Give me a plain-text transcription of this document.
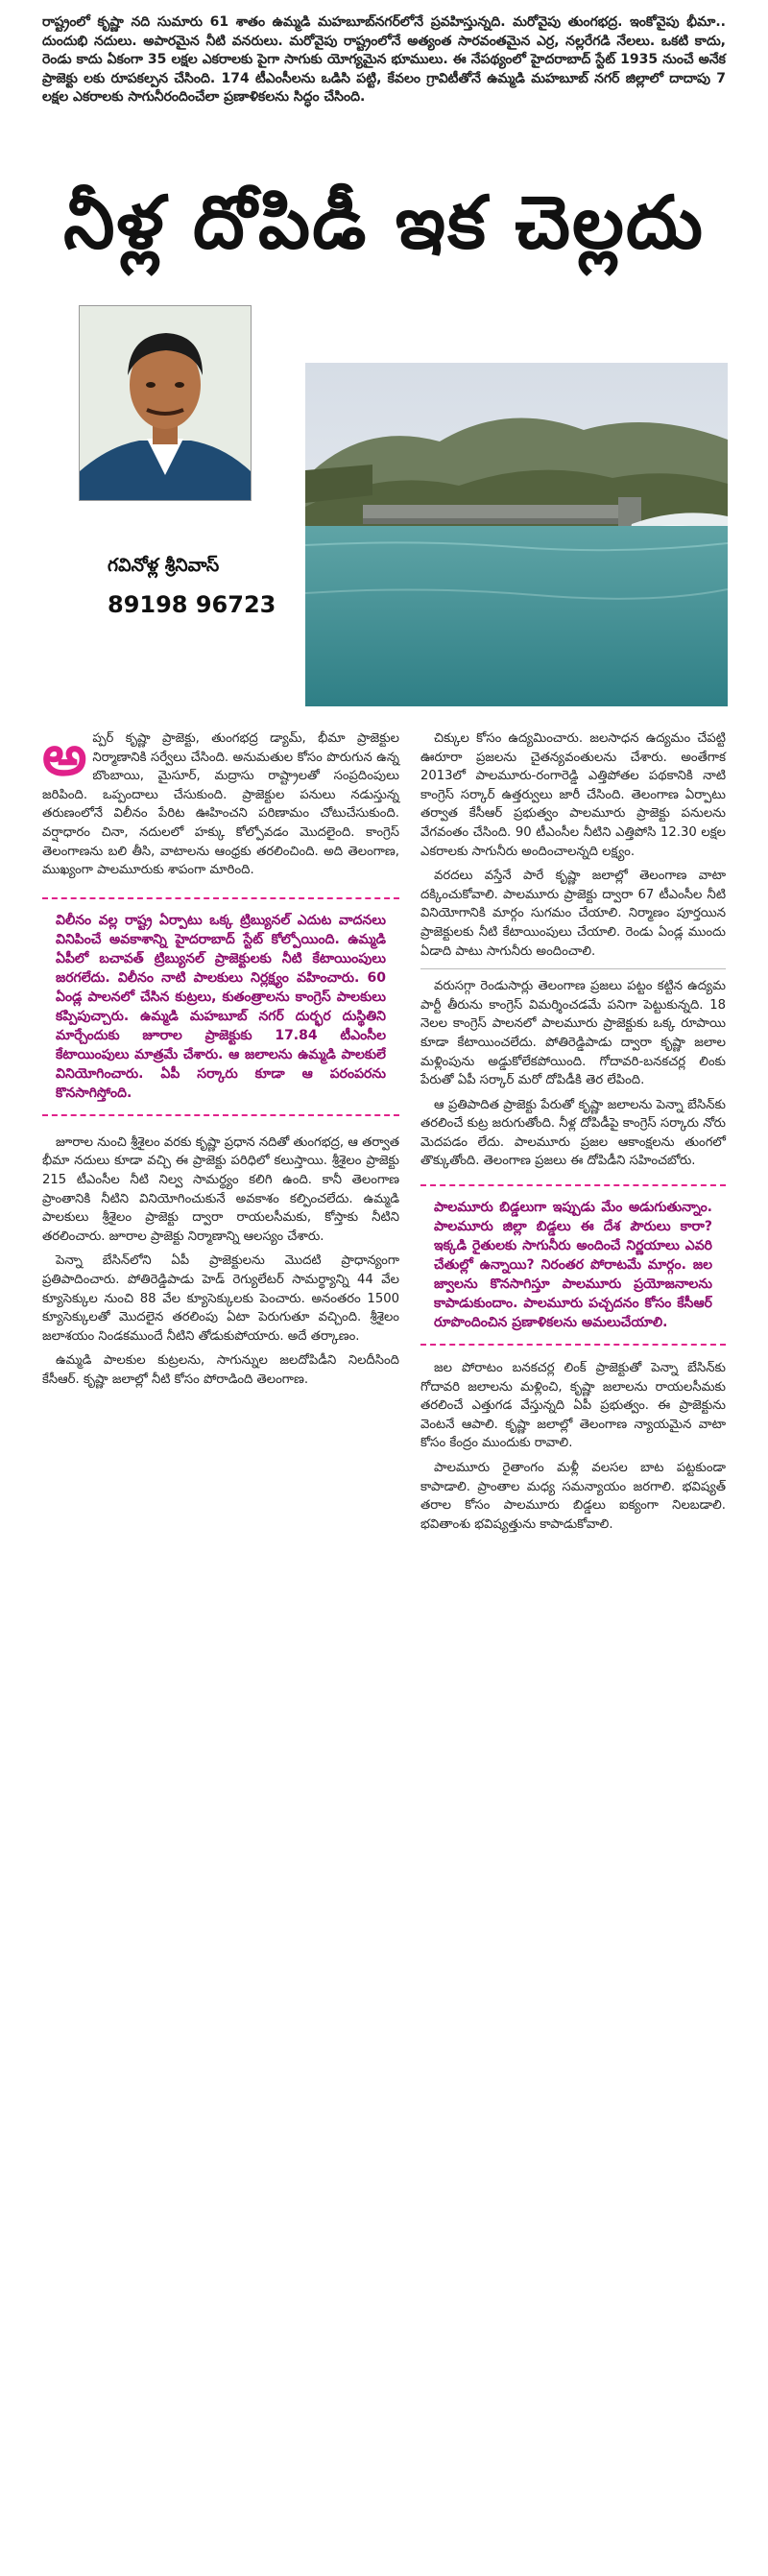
రాష్ట్రంలో కృష్ణా నది సుమారు 61 శాతం ఉమ్మడి మహబూబ్‌నగర్‌లోనే ప్రవహిస్తున్నది. మరోవైపు తుంగభద్ర. ఇంకోవైపు భీమా.. దుందుభి నదులు. అపారమైన నీటి వనరులు. మరోవైపు రాష్ట్రంలోనే అత్యంత సారవంతమైన ఎర్ర, నల్లరేగడి నేలలు. ఒకటి కాదు, రెండు కాదు ఏకంగా 35 లక్షల ఎకరాలకు పైగా సాగుకు యోగ్యమైన భూములు. ఈ నేపథ్యంలో హైదరాబాద్ స్టేట్ 1935 నుంచే అనేక ప్రాజెక్టు లకు రూపకల్పన చేసింది. 174 టీఎంసీలను ఒడిసి పట్టి, కేవలం గ్రావిటీతోనే ఉమ్మడి మహబూబ్ నగర్ జిల్లాలో దాదాపు 7 లక్షల ఎకరాలకు సాగునీరందించేలా ప్రణాళికలను సిద్ధం చేసింది.

నీళ్ల దోపిడీ ఇక చెల్లదు
గవినోళ్ల శ్రీనివాస్
89198 96723

అప్పర్ కృష్ణా ప్రాజెక్టు, తుంగభద్ర డ్యామ్, భీమా ప్రాజెక్టుల నిర్మాణానికి సర్వేలు చేసింది. అనుమతుల కోసం పొరుగున ఉన్న బొంబాయి, మైసూర్, మద్రాసు రాష్ట్రాలతో సంప్రదింపులు జరిపింది. ఒప్పందాలు చేసుకుంది. ప్రాజెక్టుల పనులు నడుస్తున్న తరుణంలోనే విలీనం పేరిట ఊహించని పరిణామం చోటుచేసుకుంది. వర్షాధారం చినా, నదులలో హక్కు కోల్పోవడం మొదలైంది. కాంగ్రెస్ తెలంగాణను బలి తీసి, వాటాలను ఆంధ్రకు తరలించింది. అది తెలంగాణ, ముఖ్యంగా పాలమూరుకు శాపంగా మారింది.

విలీనం వల్ల రాష్ట్ర ఏర్పాటు ఒక్క ట్రిబ్యునల్ ఎదుట వాదనలు వినిపించే అవకాశాన్ని హైదరాబాద్ స్టేట్ కోల్పోయింది. ఉమ్మడి ఏపీలో బచావత్ ట్రిబ్యునల్ ప్రాజెక్టులకు నీటి కేటాయింపులు జరగలేదు. విలీనం నాటి పాలకులు నిర్లక్ష్యం వహించారు. 60 ఏండ్ల పాలనలో చేసిన కుట్రలు, కుతంత్రాలను కాంగ్రెస్ పాలకులు కప్పిపుచ్చారు. ఉమ్మడి మహబూబ్ నగర్ దుర్భర దుస్థితిని మార్చేందుకు జూరాల ప్రాజెక్టుకు 17.84 టీఎంసీల కేటాయింపులు మాత్రమే చేశారు. ఆ జలాలను ఉమ్మడి పాలకులే వినియోగించారు. ఏపీ సర్కారు కూడా ఆ పరంపరను కొనసాగిస్తోంది.

జూరాల నుంచి శ్రీశైలం వరకు కృష్ణా ప్రధాన నదితో తుంగభద్ర, ఆ తర్వాత భీమా నదులు కూడా వచ్చి ఈ ప్రాజెక్టు పరిధిలో కలుస్తాయి. శ్రీశైలం ప్రాజెక్టు 215 టీఎంసీల నీటి నిల్వ సామర్థ్యం కలిగి ఉంది. కానీ తెలంగాణ ప్రాంతానికి నీటిని వినియోగించుకునే అవకాశం కల్పించలేదు. ఉమ్మడి పాలకులు శ్రీశైలం ప్రాజెక్టు ద్వారా రాయలసీమకు, కోస్తాకు నీటిని తరలించారు. జూరాల ప్రాజెక్టు నిర్మాణాన్ని ఆలస్యం చేశారు.

పెన్నా బేసిన్‌లోని ఏపీ ప్రాజెక్టులను మొదటి ప్రాధాన్యంగా ప్రతిపాదించారు. పోతిరెడ్డిపాడు హెడ్ రెగ్యులేటర్ సామర్థ్యాన్ని 44 వేల క్యూసెక్కుల నుంచి 88 వేల క్యూసెక్కులకు పెంచారు. అనంతరం 1500 క్యూసెక్కులతో మొదలైన తరలింపు ఏటా పెరుగుతూ వచ్చింది. శ్రీశైలం జలాశయం నిండకముందే నీటిని తోడుకుపోయారు. అదే తర్కాణం.

ఉమ్మడి పాలకుల కుట్రలను, సాగున్నుల జలదోపిడీని నిలదీసింది కేసీఆర్. కృష్ణా జలాల్లో నీటి కోసం పోరాడింది తెలంగాణ.

చిక్కుల కోసం ఉద్యమించారు. జలసాధన ఉద్యమం చేపట్టి ఊరూరా ప్రజలను చైతన్యవంతులను చేశారు. అంతేగాక 2013లో పాలమూరు-రంగారెడ్డి ఎత్తిపోతల పథకానికి నాటి కాంగ్రెస్ సర్కార్ ఉత్తర్వులు జారీ చేసింది. తెలంగాణ ఏర్పాటు తర్వాత కేసీఆర్ ప్రభుత్వం పాలమూరు ప్రాజెక్టు పనులను వేగవంతం చేసింది. 90 టీఎంసీల నీటిని ఎత్తిపోసి 12.30 లక్షల ఎకరాలకు సాగునీరు అందించాలన్నది లక్ష్యం.

వరదలు వస్తేనే పారే కృష్ణా జలాల్లో తెలంగాణ వాటా దక్కించుకోవాలి. పాలమూరు ప్రాజెక్టు ద్వారా 67 టీఎంసీల నీటి వినియోగానికి మార్గం సుగమం చేయాలి. నిర్మాణం పూర్తయిన ప్రాజెక్టులకు నీటి కేటాయింపులు చేయాలి. రెండు ఏండ్ల ముందు ఏడాది పాటు సాగునీరు అందించాలి.

వరుసగ్గా రెండుసార్లు తెలంగాణ ప్రజలు పట్టం కట్టిన ఉద్యమ పార్టీ తీరును కాంగ్రెస్ విమర్శించడమే పనిగా పెట్టుకున్నది. 18 నెలల కాంగ్రెస్ పాలనలో పాలమూరు ప్రాజెక్టుకు ఒక్క రూపాయి కూడా కేటాయించలేదు. పోతిరెడ్డిపాడు ద్వారా కృష్ణా జలాల మళ్లింపును అడ్డుకోలేకపోయింది. గోదావరి-బనకచర్ల లింకు పేరుతో ఏపీ సర్కార్ మరో దోపిడీకి తెర లేపింది.

ఆ ప్రతిపాదిత ప్రాజెక్టు పేరుతో కృష్ణా జలాలను పెన్నా బేసిన్‌కు తరలించే కుట్ర జరుగుతోంది. నీళ్ల దోపిడీపై కాంగ్రెస్ సర్కారు నోరు మెదపడం లేదు. పాలమూరు ప్రజల ఆకాంక్షలను తుంగలో తొక్కుతోంది. తెలంగాణ ప్రజలు ఈ దోపిడీని సహించబోరు.

పాలమూరు బిడ్డలుగా ఇప్పుడు మేం అడుగుతున్నాం. పాలమూరు జిల్లా బిడ్డలు ఈ దేశ పౌరులు కారా? ఇక్కడి రైతులకు సాగునీరు అందించే నిర్ణయాలు ఎవరి చేతుల్లో ఉన్నాయి? నిరంతర పోరాటమే మార్గం. జల జ్వాలను కొనసాగిస్తూ పాలమూరు ప్రయోజనాలను కాపాడుకుందాం. పాలమూరు పచ్చదనం కోసం కేసీఆర్ రూపొందించిన ప్రణాళికలను అమలుచేయాలి.

జల పోరాటం బనకచర్ల లింక్ ప్రాజెక్టుతో పెన్నా బేసిన్‌కు గోదావరి జలాలను మళ్లించి, కృష్ణా జలాలను రాయలసీమకు తరలించే ఎత్తుగడ వేస్తున్నది ఏపీ ప్రభుత్వం. ఈ ప్రాజెక్టును వెంటనే ఆపాలి. కృష్ణా జలాల్లో తెలంగాణ న్యాయమైన వాటా కోసం కేంద్రం ముందుకు రావాలి.

పాలమూరు రైతాంగం మళ్లీ వలసల బాట పట్టకుండా కాపాడాలి. ప్రాంతాల మధ్య సమన్యాయం జరగాలి. భవిష్యత్ తరాల కోసం పాలమూరు బిడ్డలు ఐక్యంగా నిలబడాలి. భవితాంశు భవిష్యత్తును కాపాడుకోవాలి.
